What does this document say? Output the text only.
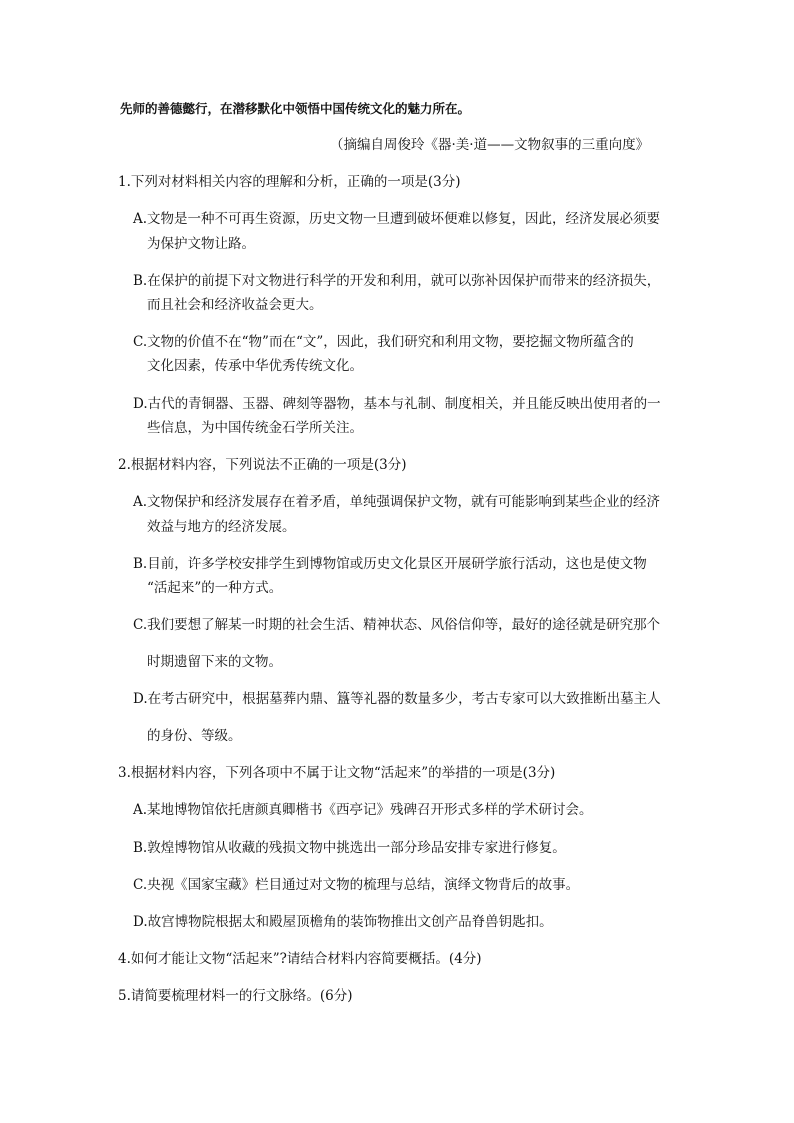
先师的善德懿行，在潜移默化中领悟中国传统文化的魅力所在。
（摘编自周俊玲《器·美·道——文物叙事的三重向度》
1.下列对材料相关内容的理解和分析，正确的一项是(3分)
A.文物是一种不可再生资源，历史文物一旦遭到破坏便难以修复，因此，经济发展必须要
为保护文物让路。
B.在保护的前提下对文物进行科学的开发和利用，就可以弥补因保护而带来的经济损失，
而且社会和经济收益会更大。
C.文物的价值不在“物”而在“文”，因此，我们研究和利用文物，要挖掘文物所蕴含的
文化因素，传承中华优秀传统文化。
D.古代的青铜器、玉器、碑刻等器物，基本与礼制、制度相关，并且能反映出使用者的一
些信息，为中国传统金石学所关注。
2.根据材料内容，下列说法不正确的一项是(3分)
A.文物保护和经济发展存在着矛盾，单纯强调保护文物，就有可能影响到某些企业的经济
效益与地方的经济发展。
B.目前，许多学校安排学生到博物馆或历史文化景区开展研学旅行活动，这也是使文物
“活起来”的一种方式。
C.我们要想了解某一时期的社会生活、精神状态、风俗信仰等，最好的途径就是研究那个
时期遗留下来的文物。
D.在考古研究中，根据墓葬内鼎、簋等礼器的数量多少，考古专家可以大致推断出墓主人
的身份、等级。
3.根据材料内容，下列各项中不属于让文物“活起来”的举措的一项是(3分)
A.某地博物馆依托唐颜真卿楷书《西亭记》残碑召开形式多样的学术研讨会。
B.敦煌博物馆从收藏的残损文物中挑选出一部分珍品安排专家进行修复。
C.央视《国家宝藏》栏目通过对文物的梳理与总结，演绎文物背后的故事。
D.故宫博物院根据太和殿屋顶檐角的装饰物推出文创产品脊兽钥匙扣。
4.如何才能让文物“活起来”?请结合材料内容简要概括。(4分)
5.请简要梳理材料一的行文脉络。(6分)
